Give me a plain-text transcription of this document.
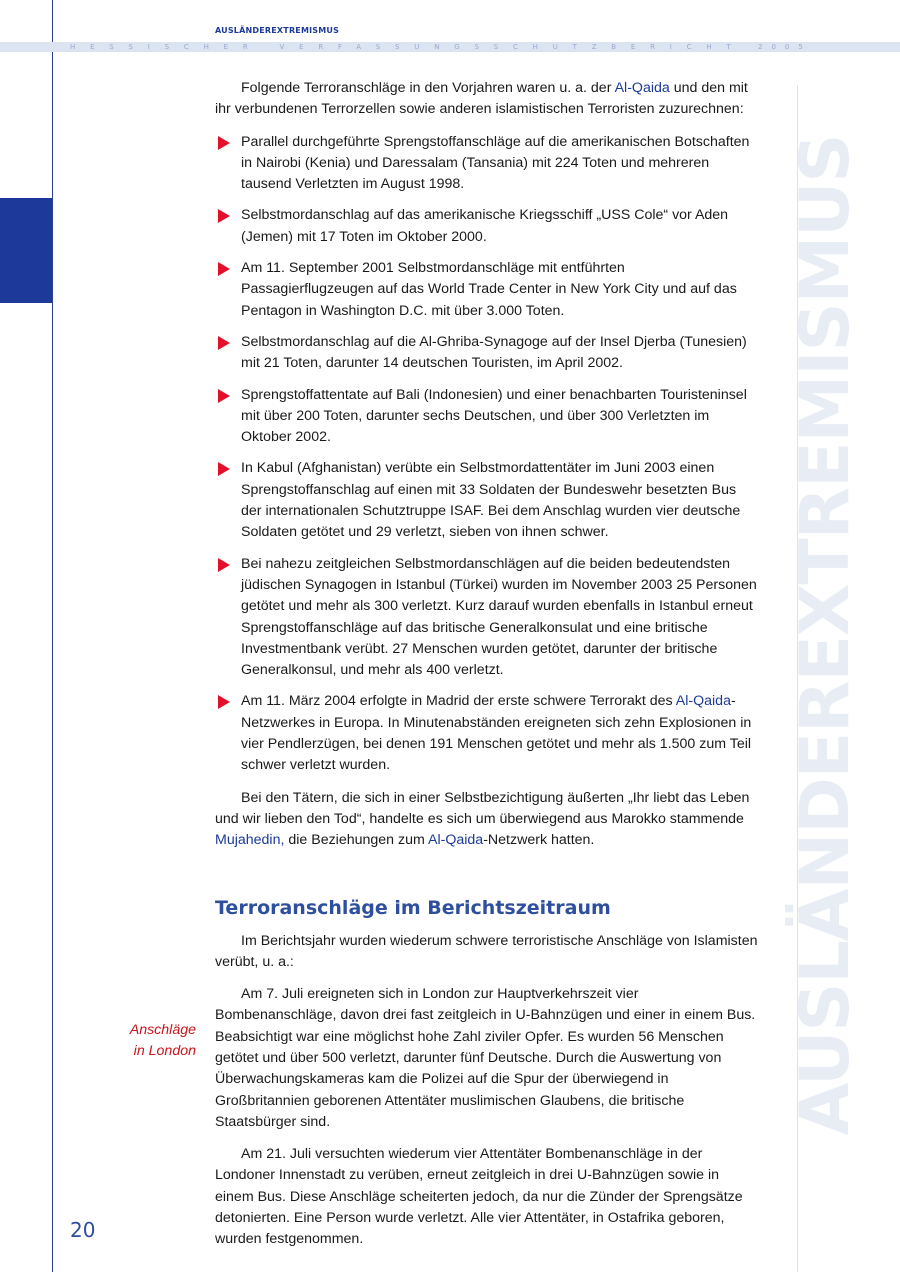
AUSLÄNDEREXTREMISMUS
HESSISCHER VERFASSUNGSSCHUTZBERICHT 2005
AUSLÄNDEREXTREMISMUS

Folgende Terroranschläge in den Vorjahren waren u. a. der Al-Qaida und den mit ihr verbundenen Terrorzellen sowie anderen islamistischen Terroristen zuzurechnen:

Parallel durchgeführte Sprengstoffanschläge auf die amerikanischen Botschaften in Nairobi (Kenia) und Daressalam (Tansania) mit 224 Toten und mehreren tausend Verletzten im August 1998.
Selbstmordanschlag auf das amerikanische Kriegsschiff „USS Cole“ vor Aden (Jemen) mit 17 Toten im Oktober 2000.
Am 11. September 2001 Selbstmordanschläge mit entführten Passagierflugzeugen auf das World Trade Center in New York City und auf das Pentagon in Washington D.C. mit über 3.000 Toten.
Selbstmordanschlag auf die Al-Ghriba-Synagoge auf der Insel Djerba (Tunesien) mit 21 Toten, darunter 14 deutschen Touristen, im April 2002.
Sprengstoffattentate auf Bali (Indonesien) und einer benachbarten Touristeninsel mit über 200 Toten, darunter sechs Deutschen, und über 300 Verletzten im Oktober 2002.
In Kabul (Afghanistan) verübte ein Selbstmordattentäter im Juni 2003 einen Sprengstoffanschlag auf einen mit 33 Soldaten der Bundeswehr besetzten Bus der internationalen Schutztruppe ISAF. Bei dem Anschlag wurden vier deutsche Soldaten getötet und 29 verletzt, sieben von ihnen schwer.
Bei nahezu zeitgleichen Selbstmordanschlägen auf die beiden bedeutendsten jüdischen Synagogen in Istanbul (Türkei) wurden im November 2003 25 Personen getötet und mehr als 300 verletzt. Kurz darauf wurden ebenfalls in Istanbul erneut Sprengstoffanschläge auf das britische Generalkonsulat und eine britische Investmentbank verübt. 27 Menschen wurden getötet, darunter der britische Generalkonsul, und mehr als 400 verletzt.
Am 11. März 2004 erfolgte in Madrid der erste schwere Terrorakt des Al-Qaida-Netzwerkes in Europa. In Minutenabständen ereigneten sich zehn Explosionen in vier Pendlerzügen, bei denen 191 Menschen getötet und mehr als 1.500 zum Teil schwer verletzt wurden.

Bei den Tätern, die sich in einer Selbstbezichtigung äußerten „Ihr liebt das Leben und wir lieben den Tod“, handelte es sich um überwiegend aus Marokko stammende Mujahedin, die Beziehungen zum Al-Qaida-Netzwerk hatten.

Terroranschläge im Berichtszeitraum

Im Berichtsjahr wurden wiederum schwere terroristische Anschläge von Islamisten verübt, u. a.:

Am 7. Juli ereigneten sich in London zur Hauptverkehrszeit vier Bombenanschläge, davon drei fast zeitgleich in U-Bahnzügen und einer in einem Bus. Beabsichtigt war eine möglichst hohe Zahl ziviler Opfer. Es wurden 56 Menschen getötet und über 500 verletzt, darunter fünf Deutsche. Durch die Auswertung von Überwachungskameras kam die Polizei auf die Spur der überwiegend in Großbritannien geborenen Attentäter muslimischen Glaubens, die britische Staatsbürger sind.

Am 21. Juli versuchten wiederum vier Attentäter Bombenanschläge in der Londoner Innenstadt zu verüben, erneut zeitgleich in drei U-Bahnzügen sowie in einem Bus. Diese Anschläge scheiterten jedoch, da nur die Zünder der Sprengsätze detonierten. Eine Person wurde verletzt. Alle vier Attentäter, in Ostafrika geboren, wurden festgenommen.

Anschläge
in London
20
